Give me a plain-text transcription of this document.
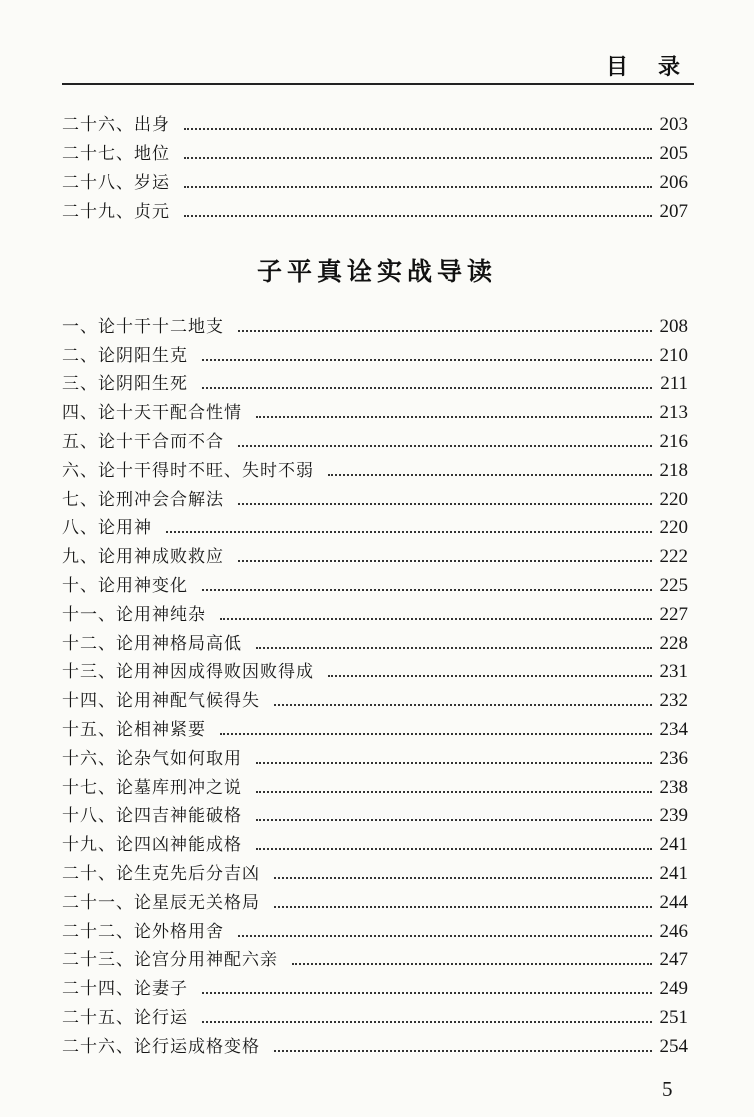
目录
二十六、出身	203
二十七、地位	205
二十八、岁运	206
二十九、贞元	207
子平真诠实战导读
一、论十干十二地支	208
二、论阴阳生克	210
三、论阴阳生死	211
四、论十天干配合性情	213
五、论十干合而不合	216
六、论十干得时不旺、失时不弱	218
七、论刑冲会合解法	220
八、论用神	220
九、论用神成败救应	222
十、论用神变化	225
十一、论用神纯杂	227
十二、论用神格局高低	228
十三、论用神因成得败因败得成	231
十四、论用神配气候得失	232
十五、论相神紧要	234
十六、论杂气如何取用	236
十七、论墓库刑冲之说	238
十八、论四吉神能破格	239
十九、论四凶神能成格	241
二十、论生克先后分吉凶	241
二十一、论星辰无关格局	244
二十二、论外格用舍	246
二十三、论宫分用神配六亲	247
二十四、论妻子	249
二十五、论行运	251
二十六、论行运成格变格	254
5
